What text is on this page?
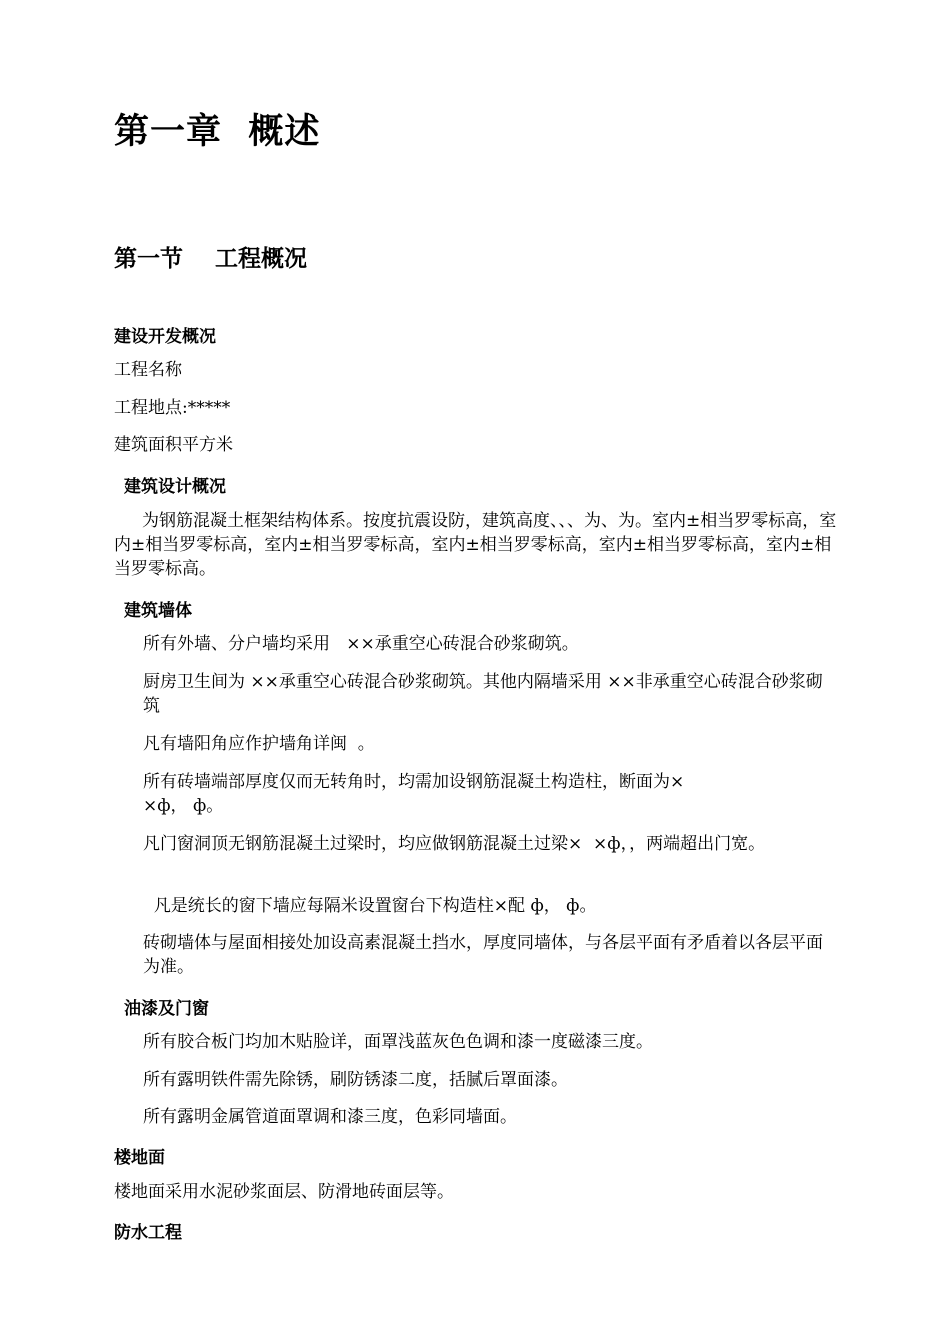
第一章  概述
第一节    工程概况
建设开发概况
工程名称
工程地点:*****
建筑面积平方米
建筑设计概况
为钢筋混凝土框架结构体系。按度抗震设防，建筑高度、、、为、为。室内±相当罗零标高，室内±相当罗零标高，室内±相当罗零标高，室内±相当罗零标高，室内±相当罗零标高，室内±相当罗零标高。
建筑墙体
所有外墙、分户墙均采用   ××承重空心砖混合砂浆砌筑。
厨房卫生间为 ××承重空心砖混合砂浆砌筑。其他内隔墙采用 ××非承重空心砖混合砂浆砌筑
凡有墙阳角应作护墙角详闽  。
所有砖墙端部厚度仅而无转角时，均需加设钢筋混凝土构造柱，断面为×
×ф， ф。
凡门窗洞顶无钢筋混凝土过梁时，均应做钢筋混凝土过梁×  ×ф，，两端超出门宽。
凡是统长的窗下墙应每隔米设置窗台下构造柱×配 ф， ф。
砖砌墙体与屋面相接处加设高素混凝土挡水，厚度同墙体，与各层平面有矛盾着以各层平面为准。
油漆及门窗
所有胶合板门均加木贴脸详，面罩浅蓝灰色色调和漆一度磁漆三度。
所有露明铁件需先除锈，刷防锈漆二度，括腻后罩面漆。
所有露明金属管道面罩调和漆三度，色彩同墙面。
楼地面
楼地面采用水泥砂浆面层、防滑地砖面层等。
防水工程
